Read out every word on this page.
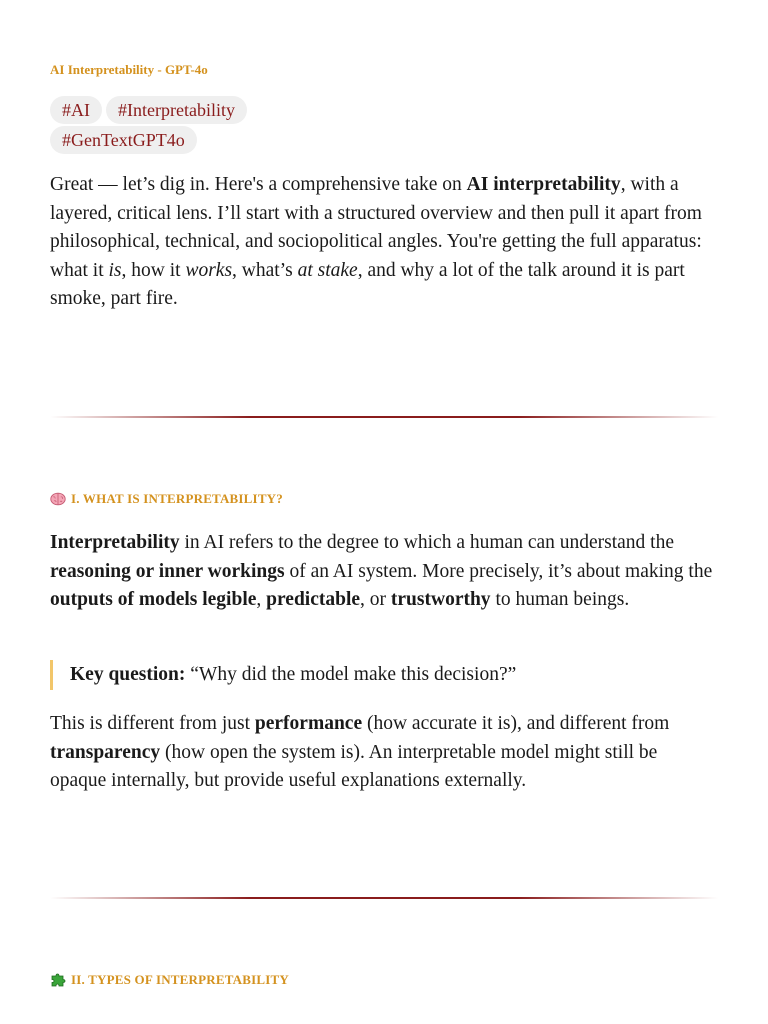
AI Interpretability - GPT-4o
#AI #Interpretability#GenTextGPT4o

Great — let’s dig in. Here's a comprehensive take on AI interpretability, with a layered, critical lens. I’ll start with a structured overview and then pull it apart from philosophical, technical, and sociopolitical angles. You're getting the full apparatus: what it is, how it works, what’s at stake, and why a lot of the talk around it is part smoke, part fire.

I. WHAT IS INTERPRETABILITY?

Interpretability in AI refers to the degree to which a human can understand the reasoning or inner workings of an AI system. More precisely, it’s about making the outputs of models legible, predictable, or trustworthy to human beings.

Key question: “Why did the model make this decision?”

This is different from just performance (how accurate it is), and different from transparency (how open the system is). An interpretable model might still be opaque internally, but provide useful explanations externally.

II. TYPES OF INTERPRETABILITY
